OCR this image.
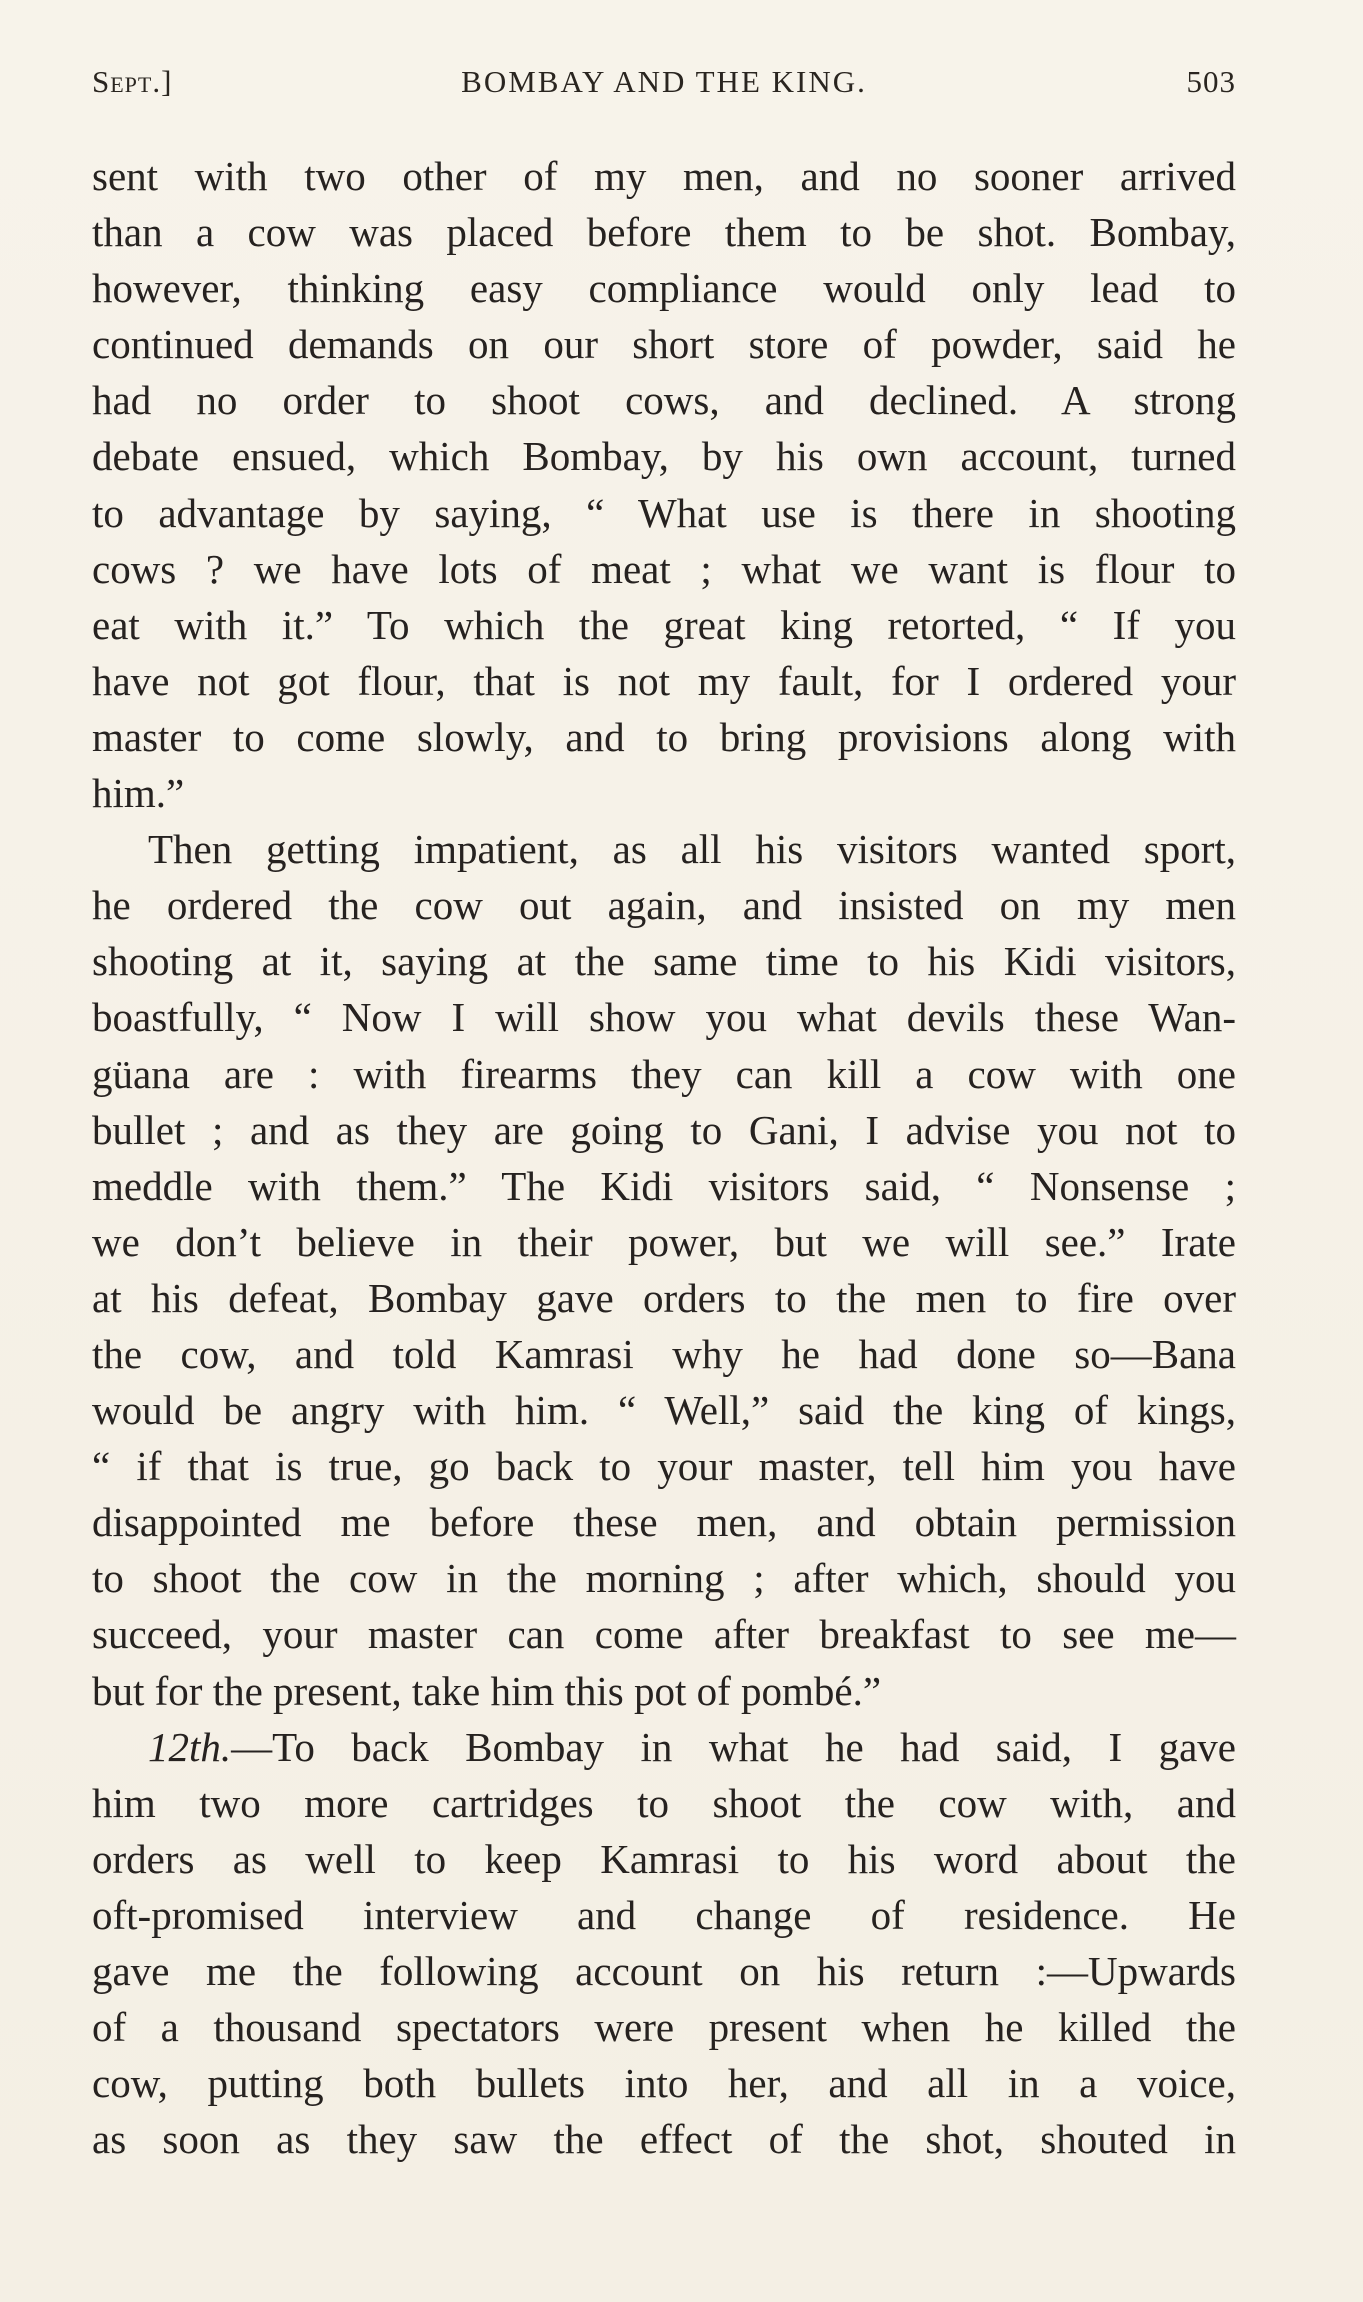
Sept.]	BOMBAY AND THE KING.	503
sent with two other of my men, and no sooner arrived
than a cow was placed before them to be shot. Bombay,
however, thinking easy compliance would only lead to
continued demands on our short store of powder, said he
had no order to shoot cows, and declined. A strong
debate ensued, which Bombay, by his own account, turned
to advantage by saying, “ What use is there in shooting
cows ? we have lots of meat ; what we want is flour to
eat with it.” To which the great king retorted, “ If you
have not got flour, that is not my fault, for I ordered your
master to come slowly, and to bring provisions along with
him.”
Then getting impatient, as all his visitors wanted sport,
he ordered the cow out again, and insisted on my men
shooting at it, saying at the same time to his Kidi visitors,
boastfully, “ Now I will show you what devils these Wan-
güana are : with firearms they can kill a cow with one
bullet ; and as they are going to Gani, I advise you not to
meddle with them.” The Kidi visitors said, “ Nonsense ;
we don’t believe in their power, but we will see.” Irate
at his defeat, Bombay gave orders to the men to fire over
the cow, and told Kamrasi why he had done so—Bana
would be angry with him. “ Well,” said the king of kings,
“ if that is true, go back to your master, tell him you have
disappointed me before these men, and obtain permission
to shoot the cow in the morning ; after which, should you
succeed, your master can come after breakfast to see me—
but for the present, take him this pot of pombé.”
12th.—To back Bombay in what he had said, I gave
him two more cartridges to shoot the cow with, and
orders as well to keep Kamrasi to his word about the
oft-promised interview and change of residence. He
gave me the following account on his return :—Upwards
of a thousand spectators were present when he killed the
cow, putting both bullets into her, and all in a voice,
as soon as they saw the effect of the shot, shouted in
